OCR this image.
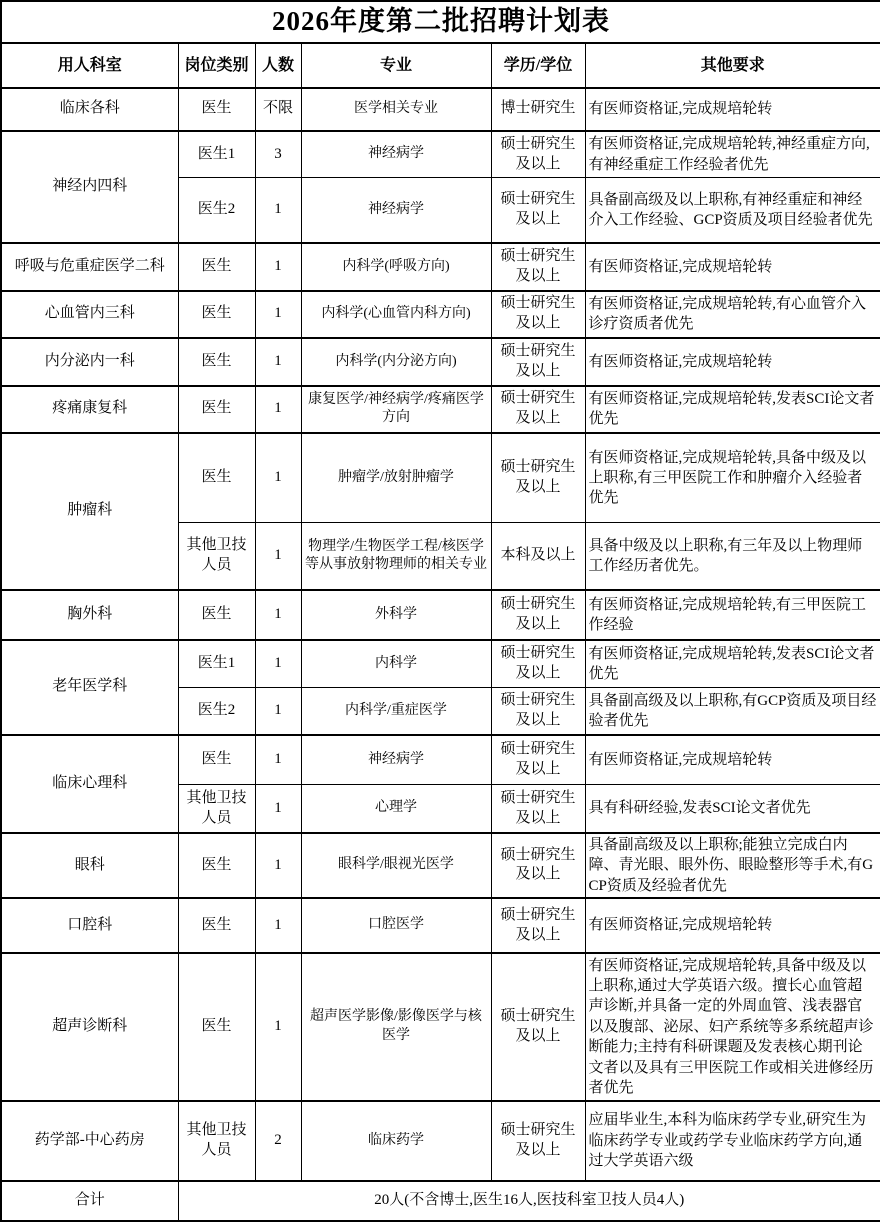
2026年度第二批招聘计划表					
用人科室	岗位类别	人数	专业	学历/学位	其他要求
临床各科	医生	不限	医学相关专业	博士研究生	有医师资格证,完成规培轮转
神经内四科	医生1	3	神经病学	硕士研究生及以上	有医师资格证,完成规培轮转,神经重症方向,有神经重症工作经验者优先
	医生2	1	神经病学	硕士研究生及以上	具备副高级及以上职称,有神经重症和神经介入工作经验、GCP资质及项目经验者优先
呼吸与危重症医学二科	医生	1	内科学(呼吸方向)	硕士研究生及以上	有医师资格证,完成规培轮转
心血管内三科	医生	1	内科学(心血管内科方向)	硕士研究生及以上	有医师资格证,完成规培轮转,有心血管介入诊疗资质者优先
内分泌内一科	医生	1	内科学(内分泌方向)	硕士研究生及以上	有医师资格证,完成规培轮转
疼痛康复科	医生	1	康复医学/神经病学/疼痛医学方向	硕士研究生及以上	有医师资格证,完成规培轮转,发表SCI论文者优先
肿瘤科	医生	1	肿瘤学/放射肿瘤学	硕士研究生及以上	有医师资格证,完成规培轮转,具备中级及以上职称,有三甲医院工作和肿瘤介入经验者优先
	其他卫技人员	1	物理学/生物医学工程/核医学等从事放射物理师的相关专业	本科及以上	具备中级及以上职称,有三年及以上物理师工作经历者优先。
胸外科	医生	1	外科学	硕士研究生及以上	有医师资格证,完成规培轮转,有三甲医院工作经验
老年医学科	医生1	1	内科学	硕士研究生及以上	有医师资格证,完成规培轮转,发表SCI论文者优先
	医生2	1	内科学/重症医学	硕士研究生及以上	具备副高级及以上职称,有GCP资质及项目经验者优先
临床心理科	医生	1	神经病学	硕士研究生及以上	有医师资格证,完成规培轮转
	其他卫技人员	1	心理学	硕士研究生及以上	具有科研经验,发表SCI论文者优先
眼科	医生	1	眼科学/眼视光医学	硕士研究生及以上	具备副高级及以上职称;能独立完成白内障、青光眼、眼外伤、眼睑整形等手术,有GCP资质及经验者优先
口腔科	医生	1	口腔医学	硕士研究生及以上	有医师资格证,完成规培轮转
超声诊断科	医生	1	超声医学影像/影像医学与核医学	硕士研究生及以上	有医师资格证,完成规培轮转,具备中级及以上职称,通过大学英语六级。擅长心血管超声诊断,并具备一定的外周血管、浅表器官以及腹部、泌尿、妇产系统等多系统超声诊断能力;主持有科研课题及发表核心期刊论文者以及具有三甲医院工作或相关进修经历者优先
药学部-中心药房	其他卫技人员	2	临床药学	硕士研究生及以上	应届毕业生,本科为临床药学专业,研究生为临床药学专业或药学专业临床药学方向,通过大学英语六级
合计	20人(不含博士,医生16人,医技科室卫技人员4人)				
